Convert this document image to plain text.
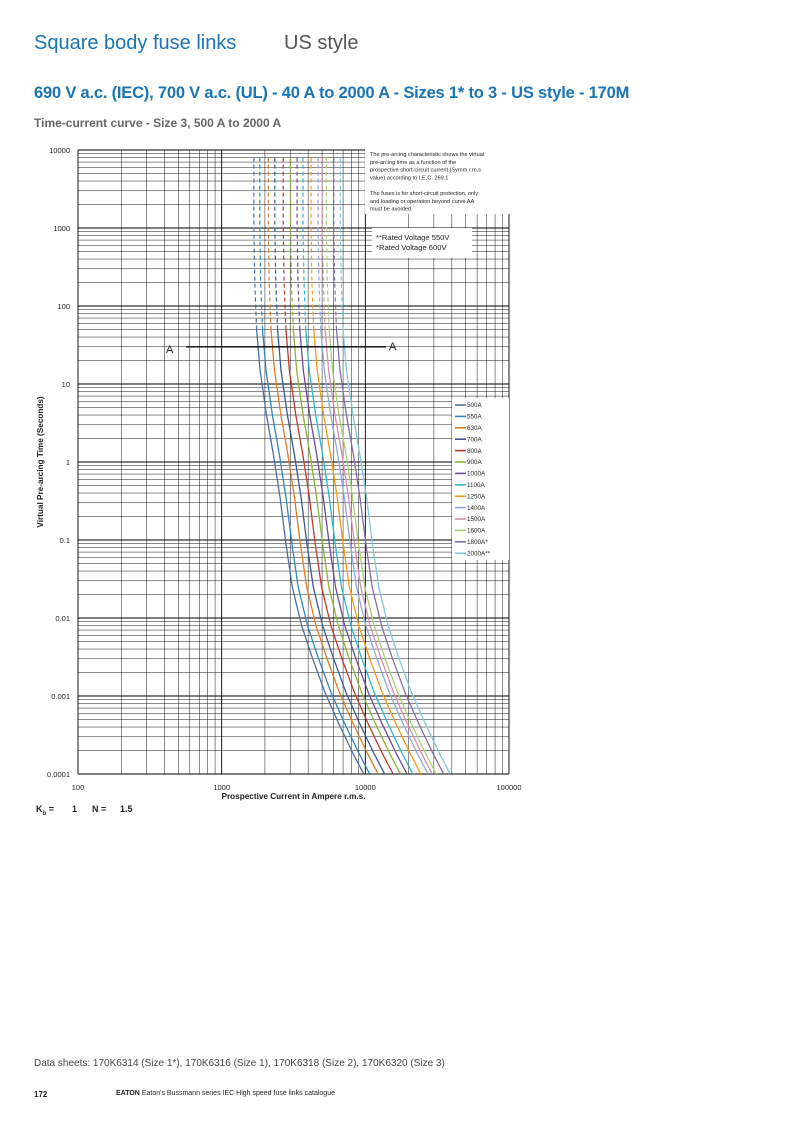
Square body fuse links US style
690 V a.c. (IEC), 700 V a.c. (UL) - 40 A to 2000 A - Sizes 1* to 3 - US style - 170M
Time-current curve - Size 3, 500 A to 2000 A
The pre-arcing characteristic shows the virtual
pre-arcing time as a function of the
prospective short-circuit current (Symm r.m.s
value) according to I.E.C. 269.1
The fuses is for short-circuit protection, only
and loading or operation beyond curve AA
must be avoided.
**Rated Voltage 550V
*Rated Voltage 600V
A	A
500A
550A
630A
700A
800A
900A
1000A
1100A
1250A
1400A
1500A
1600A
1800A*
2000A**
10000
1000
100
10
1
0.1
0.01
0.001
0.0001
100	1000	10000	100000
Prospective Current in Ampere r.m.s.
Virtual Pre-arcing Time (Seconds)
$K_b = 1$ N = 1.5
Data sheets: 170K6314 (Size 1*), 170K6316 (Size 1), 170K6318 (Size 2), 170K6320 (Size 3)
172	EATON Eaton's Bussmann series IEC High speed fuse links catalogue
